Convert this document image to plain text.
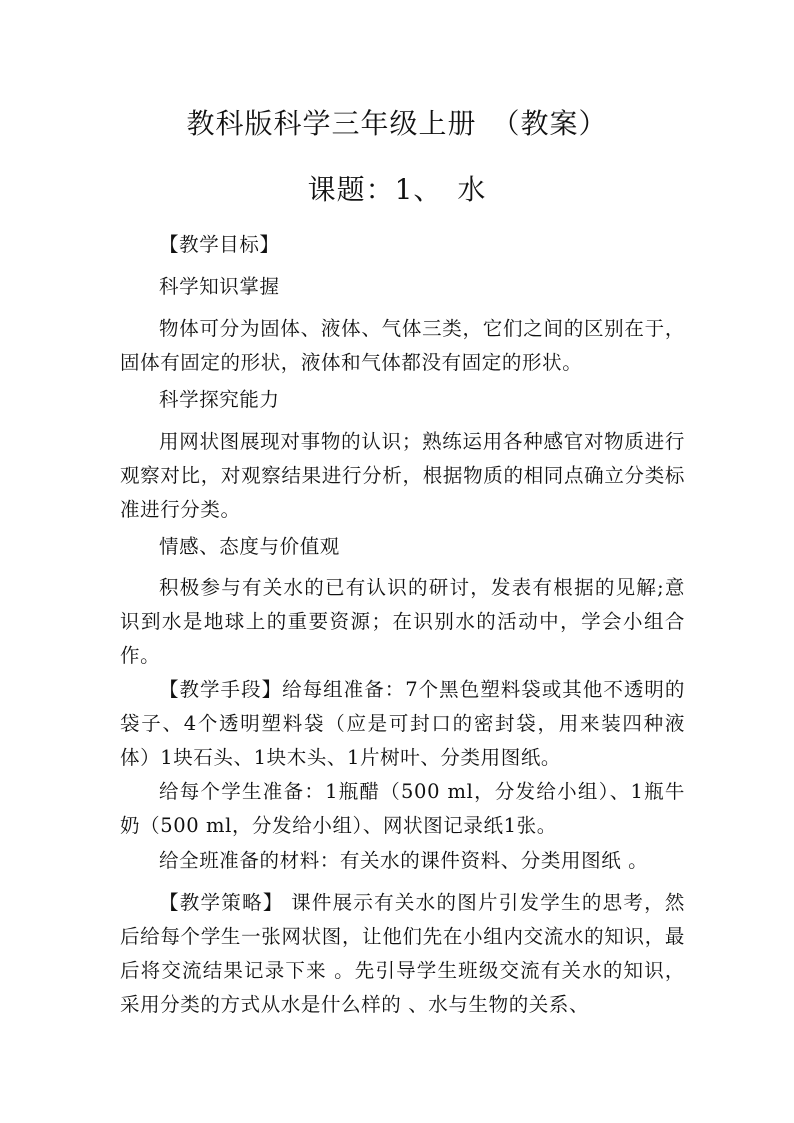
教科版科学三年级上册　（教案）
课题：1、　水
【教学目标】
科学知识掌握
物体可分为固体、液体、气体三类，它们之间的区别在于，固体有固定的形状，液体和气体都没有固定的形状。
科学探究能力
用网状图展现对事物的认识；熟练运用各种感官对物质进行观察对比，对观察结果进行分析，根据物质的相同点确立分类标准进行分类。
情感、态度与价值观
积极参与有关水的已有认识的研讨，发表有根据的见解;意识到水是地球上的重要资源；在识别水的活动中，学会小组合作。
【教学手段】给每组准备：7个黑色塑料袋或其他不透明的袋子、4个透明塑料袋（应是可封口的密封袋，用来装四种液体）1块石头、1块木头、1片树叶、分类用图纸。
给每个学生准备：1瓶醋（500 ml，分发给小组）、1瓶牛奶（500 ml，分发给小组）、网状图记录纸1张。
给全班准备的材料：有关水的课件资料、分类用图纸 。
【教学策略】 课件展示有关水的图片引发学生的思考，然后给每个学生一张网状图，让他们先在小组内交流水的知识，最后将交流结果记录下来 。先引导学生班级交流有关水的知识，采用分类的方式从水是什么样的 、水与生物的关系、
